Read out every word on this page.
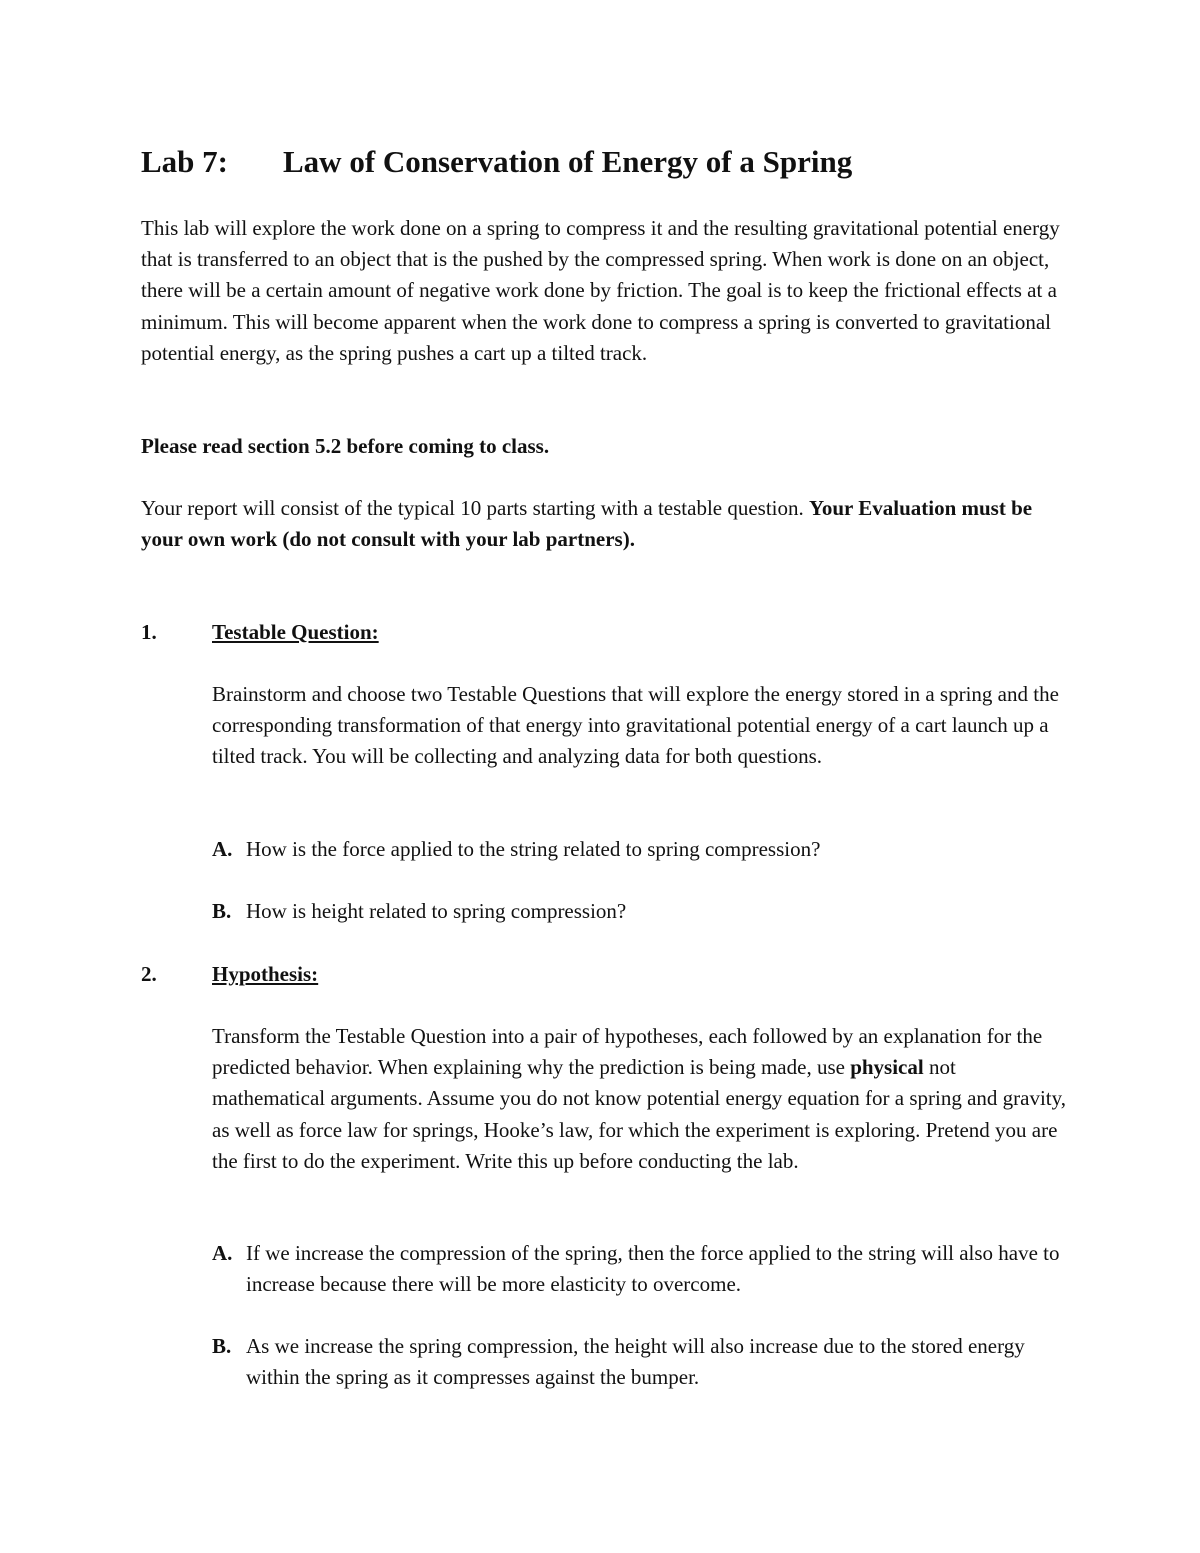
Lab 7: Law of Conservation of Energy of a Spring

This lab will explore the work done on a spring to compress it and the resulting gravitational potential energy that is transferred to an object that is the pushed by the compressed spring. When work is done on an object, there will be a certain amount of negative work done by friction. The goal is to keep the frictional effects at a minimum. This will become apparent when the work done to compress a spring is converted to gravitational potential energy, as the spring pushes a cart up a tilted track.

Please read section 5.2 before coming to class.

Your report will consist of the typical 10 parts starting with a testable question. Your Evaluation must be your own work (do not consult with your lab partners).

1.	Testable Question:

Brainstorm and choose two Testable Questions that will explore the energy stored in a spring and the corresponding transformation of that energy into gravitational potential energy of a cart launch up a tilted track. You will be collecting and analyzing data for both questions.

A. How is the force applied to the string related to spring compression?
B. How is height related to spring compression?
2.	Hypothesis:

Transform the Testable Question into a pair of hypotheses, each followed by an explanation for the predicted behavior. When explaining why the prediction is being made, use physical not mathematical arguments. Assume you do not know potential energy equation for a spring and gravity, as well as force law for springs, Hooke’s law, for which the experiment is exploring. Pretend you are the first to do the experiment. Write this up before conducting the lab.

A. If we increase the compression of the spring, then the force applied to the string will also have to increase because there will be more elasticity to overcome.
B. As we increase the spring compression, the height will also increase due to the stored energy within the spring as it compresses against the bumper.
